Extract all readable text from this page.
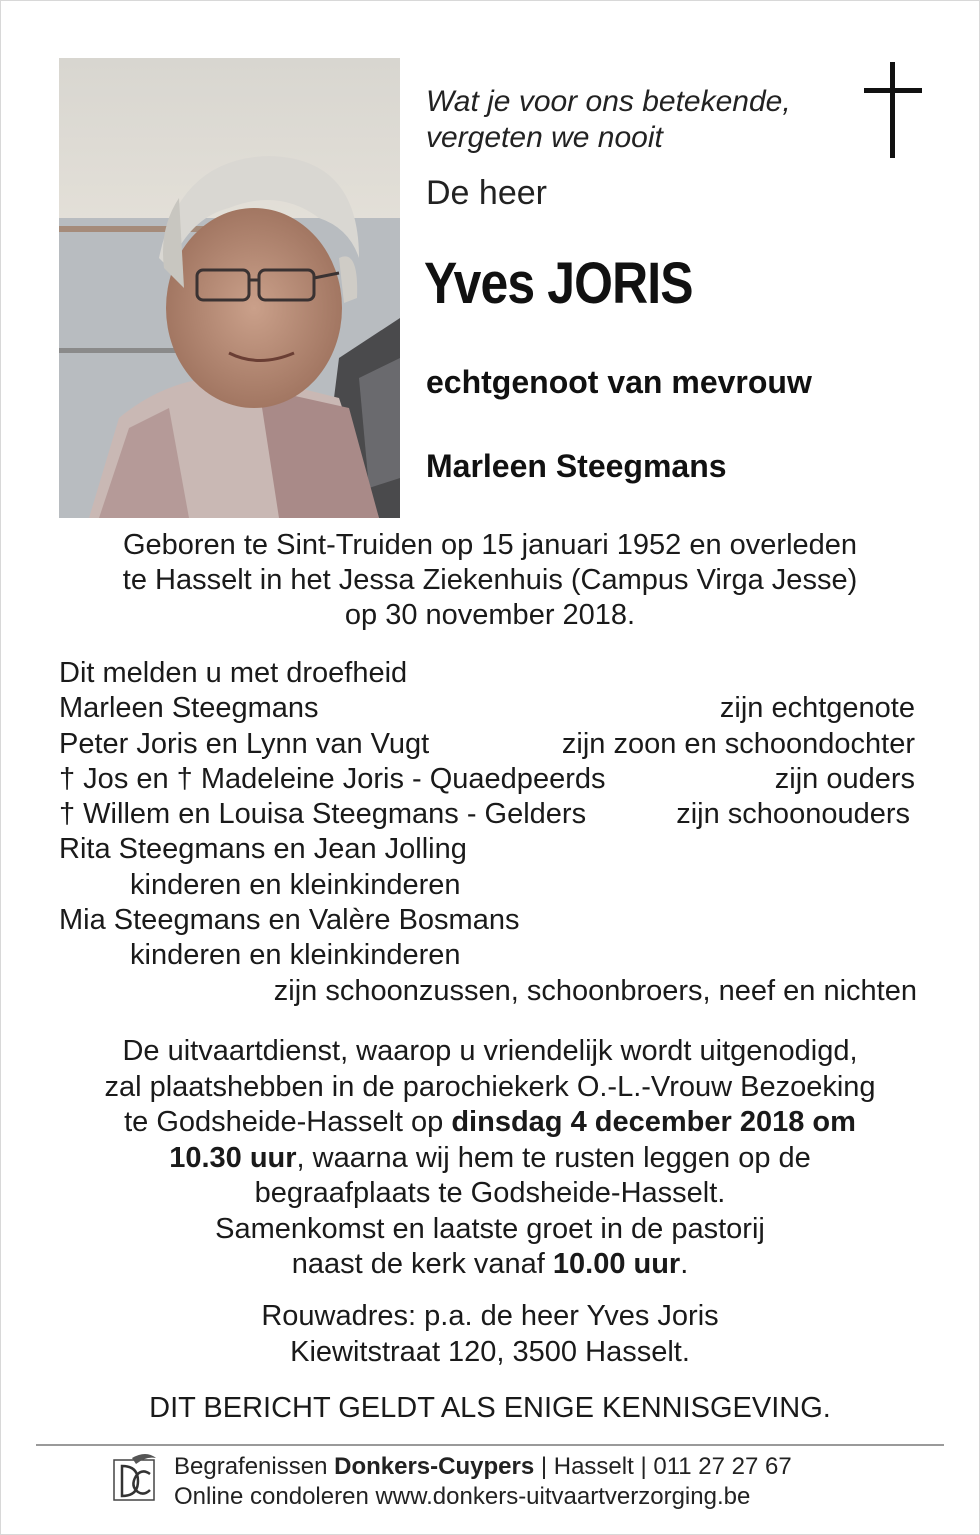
Wat je voor ons betekende,
vergeten we nooit
De heer
Yves JORIS
echtgenoot van mevrouw
Marleen Steegmans
Geboren te Sint-Truiden op 15 januari 1952 en overleden
te Hasselt in het Jessa Ziekenhuis (Campus Virga Jesse)
op 30 november 2018.
Dit melden u met droefheid
Marleen Steegmans	zijn echtgenote
Peter Joris en Lynn van Vugt	zijn zoon en schoondochter
† Jos en † Madeleine Joris - Quaedpeerds	zijn ouders
† Willem en Louisa Steegmans - Gelders	zijn schoonouders
Rita Steegmans en Jean Jolling
kinderen en kleinkinderen
Mia Steegmans en Valère Bosmans
kinderen en kleinkinderen
zijn schoonzussen, schoonbroers, neef en nichten
De uitvaartdienst, waarop u vriendelijk wordt uitgenodigd,
zal plaatshebben in de parochiekerk O.-L.-Vrouw Bezoeking
te Godsheide-Hasselt op dinsdag 4 december 2018 om
10.30 uur, waarna wij hem te rusten leggen op de
begraafplaats te Godsheide-Hasselt.
Samenkomst en laatste groet in de pastorij
naast de kerk vanaf 10.00 uur.
Rouwadres: p.a. de heer Yves Joris
Kiewitstraat 120, 3500 Hasselt.
DIT BERICHT GELDT ALS ENIGE KENNISGEVING.
Begrafenissen Donkers-Cuypers | Hasselt | 011 27 27 67
Online condoleren www.donkers-uitvaartverzorging.be
